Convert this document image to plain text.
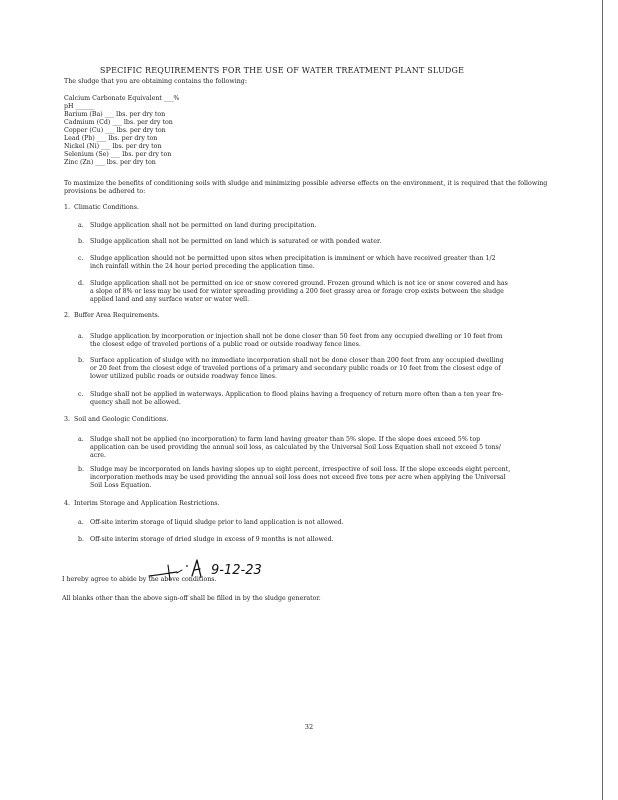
SPECIFIC REQUIREMENTS FOR THE USE OF WATER TREATMENT PLANT SLUDGE
The sludge that you are obtaining contains the following:
Calcium Carbonate Equivalent ___%
pH ______
Barium (Ba) ___ lbs. per dry ton
Cadmium (Cd) ___ lbs. per dry ton
Copper (Cu) ___ lbs. per dry ton
Lead (Pb) ___ lbs. per dry ton
Nickel (Ni) ___ lbs. per dry ton
Selenium (Se) ___ lbs. per dry ton
Zinc (Zn) ___ lbs. per dry ton
To maximize the benefits of conditioning soils with sludge and minimizing possible adverse effects on the environment, it is required that the following provisions be adhered to:
1. Climatic Conditions.
a. Sludge application shall not be permitted on land during precipitation.
b. Sludge application shall not be permitted on land which is saturated or with ponded water.
c. Sludge application should not be permitted upon sites when precipitation is imminent or which have received greater than 1/2
inch rainfall within the 24 hour period preceding the application time.
d. Sludge application shall not be permitted on ice or snow covered ground. Frozen ground which is not ice or snow covered and has
a slope of 8% or less may be used for winter spreading providing a 200 feet grassy area or forage crop exists between the sludge
applied land and any surface water or water well.
2. Buffer Area Requirements.
a. Sludge application by incorporation or injection shall not be done closer than 50 feet from any occupied dwelling or 10 feet from
the closest edge of traveled portions of a public road or outside roadway fence lines.
b. Surface application of sludge with no immediate incorporation shall not be done closer than 200 feet from any occupied dwelling
or 20 feet from the closest edge of traveled portions of a primary and secondary public roads or 10 feet from the closest edge of
lower utilized public roads or outside roadway fence lines.
c. Sludge shall not be applied in waterways. Application to flood plains having a frequency of return more often than a ten year fre-
quency shall not be allowed.
3. Soil and Geologic Conditions.
a. Sludge shall not be applied (no incorporation) to farm land having greater than 5% slope. If the slope does exceed 5% top
application can be used providing the annual soil loss, as calculated by the Universal Soil Loss Equation shall not exceed 5 tons/
acre.
b. Sludge may be incorporated on lands having slopes up to eight percent, irrespective of soil loss. If the slope exceeds eight percent,
incorporation methods may be used providing the annual soil loss does not exceed five tons per acre when applying the Universal
Soil Loss Equation.
4. Interim Storage and Application Restrictions.
a. Off-site interim storage of liquid sludge prior to land application is not allowed.
b. Off-site interim storage of dried sludge in excess of 9 months is not allowed.
9-12-23
I hereby agree to abide by the above conditions.
All blanks other than the above sign-off shall be filled in by the sludge generator.
32
